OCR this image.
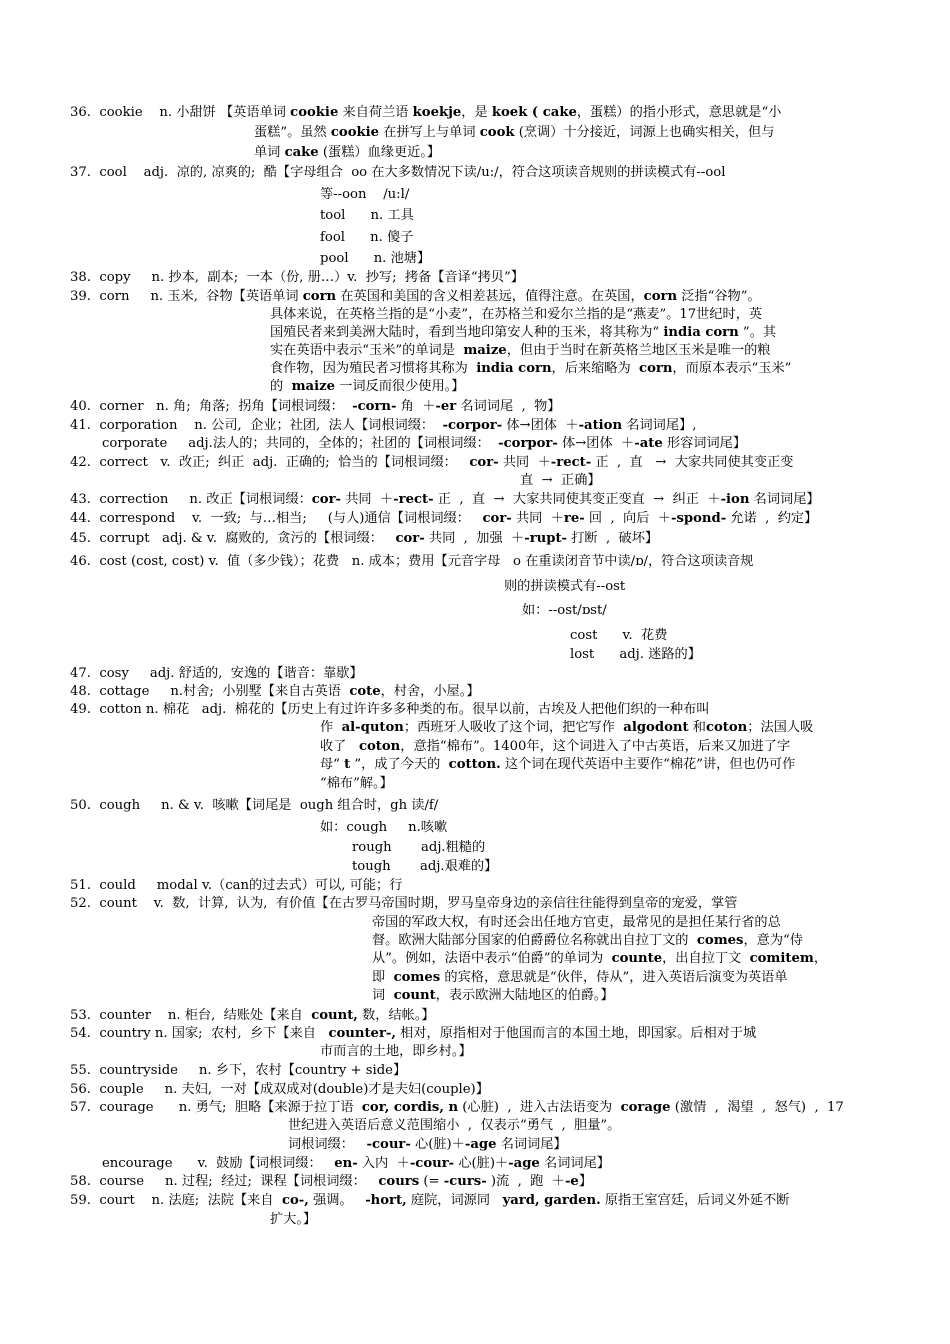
36.  cookie    n. 小甜饼 【英语单词 cookie 来自荷兰语 koekje，是 koek ( cake，蛋糕）的指小形式，意思就是“小
蛋糕”。虽然 cookie 在拼写上与单词 cook (烹调）十分接近，词源上也确实相关，但与
单词 cake (蛋糕）血缘更近。】
37.  cool    adj.  凉的, 凉爽的;  酷【字母组合  oo 在大多数情况下读/u:/，符合这项读音规则的拼读模式有--ool
等--oon    /u:l/
tool      n. 工具
fool      n. 傻子
pool      n. 池塘】
38.  copy     n. 抄本,  副本;  一本（份, 册…）v.  抄写;  拷备【音译“拷贝”】
39.  corn     n. 玉米,  谷物【英语单词 corn 在英国和美国的含义相差甚远，值得注意。在英国，corn 泛指“谷物”。
具体来说，在英格兰指的是“小麦”，在苏格兰和爱尔兰指的是“燕麦”。17世纪时，英
国殖民者来到美洲大陆时，看到当地印第安人种的玉米，将其称为“ india corn ”。其
实在英语中表示“玉米”的单词是  maize，但由于当时在新英格兰地区玉米是唯一的粮
食作物，因为殖民者习惯将其称为  india corn，后来缩略为  corn，而原本表示“玉米”
的  maize 一词反而很少使用。】
40.  corner   n. 角;  角落;  拐角【词根词缀：  -corn- 角  ＋-er 名词词尾  ,  物】
41.  corporation    n. 公司,  企业；社团,  法人【词根词缀：  -corpor- 体→团体  ＋-ation 名词词尾】,
corporate     adj.法人的；共同的，全体的；社团的【词根词缀：  -corpor- 体→团体  ＋-ate 形容词词尾】
42.  correct   v.  改正;  纠正  adj.  正确的;  恰当的【词根词缀：   cor- 共同  ＋-rect- 正  ,  直   →  大家共同使其变正变
直  →  正确】
43.  correction     n. 改正【词根词缀：cor- 共同  ＋-rect- 正  ,  直  →  大家共同使其变正变直  →  纠正  ＋-ion 名词词尾】
44.  correspond    v.  一致;  与…相当;     (与人)通信【词根词缀：   cor- 共同  ＋re- 回  ,  向后  ＋-spond- 允诺  ,  约定】
45.  corrupt   adj. & v.  腐败的,  贪污的【根词缀：   cor- 共同  ,  加强  ＋-rupt- 打断  ,  破坏】
46.  cost (cost, cost) v.  值（多少钱）；花费   n. 成本；费用【元音字母   o 在重读闭音节中读/ɒ/，符合这项读音规
则的拼读模式有--ost
如：--ost/ɒst/
cost      v.  花费
lost      adj. 迷路的】
47.  cosy     adj. 舒适的,  安逸的【谐音：靠歇】
48.  cottage     n.村舍;  小别墅【来自古英语  cote，村舍，小屋。】
49.  cotton n. 棉花   adj.  棉花的【历史上有过许许多多种类的布。很早以前，古埃及人把他们织的一种布叫
作  al-quton；西班牙人吸收了这个词，把它写作  algodont 和coton；法国人吸
收了   coton，意指“棉布”。1400年，这个词进入了中古英语，后来又加进了字
母“ t ”，成了今天的  cotton. 这个词在现代英语中主要作“棉花”讲，但也仍可作
“棉布”解。】
50.  cough     n. & v.  咳嗽【词尾是  ough 组合时，gh 读/f/
如：cough     n.咳嗽
rough       adj.粗糙的
tough       adj.艰难的】
51.  could     modal v.（can的过去式）可以, 可能；行
52.  count    v.  数,  计算,  认为,  有价值【在古罗马帝国时期，罗马皇帝身边的亲信往往能得到皇帝的宠爱，掌管
帝国的军政大权，有时还会出任地方官吏，最常见的是担任某行省的总
督。欧洲大陆部分国家的伯爵爵位名称就出自拉丁文的  comes，意为“侍
从”。例如，法语中表示“伯爵”的单词为  counte，出自拉丁文  comitem，
即  comes 的宾格，意思就是“伙伴，侍从”，进入英语后演变为英语单
词  count，表示欧洲大陆地区的伯爵。】
53.  counter    n. 柜台,  结账处【来自  count, 数，结帐。】
54.  country n. 国家;  农村,  乡下【来自   counter-, 相对，原指相对于他国而言的本国土地，即国家。后相对于城
市而言的土地，即乡村。】
55.  countryside     n. 乡下，农村【country + side】
56.  couple     n. 夫妇,  一对【成双成对(double)才是夫妇(couple)】
57.  courage      n. 勇气;  胆略【来源于拉丁语  cor, cordis, n (心脏)  ,  进入古法语变为  corage (激情  ,  渴望  ,  怒气)  ,  17
世纪进入英语后意义范围缩小  ,  仅表示“勇气  ,  胆量”。
词根词缀：   -cour- 心(脏)＋-age 名词词尾】
encourage      v.  鼓励【词根词缀：   en- 入内  ＋-cour- 心(脏)＋-age 名词词尾】
58.  course     n. 过程;  经过;  课程【词根词缀：   cours (= -curs- )流  ,  跑  ＋-e】
59.  court    n. 法庭;  法院【来自  co-, 强调。   -hort, 庭院，词源同   yard, garden. 原指王室宫廷，后词义外延不断
扩大。】
